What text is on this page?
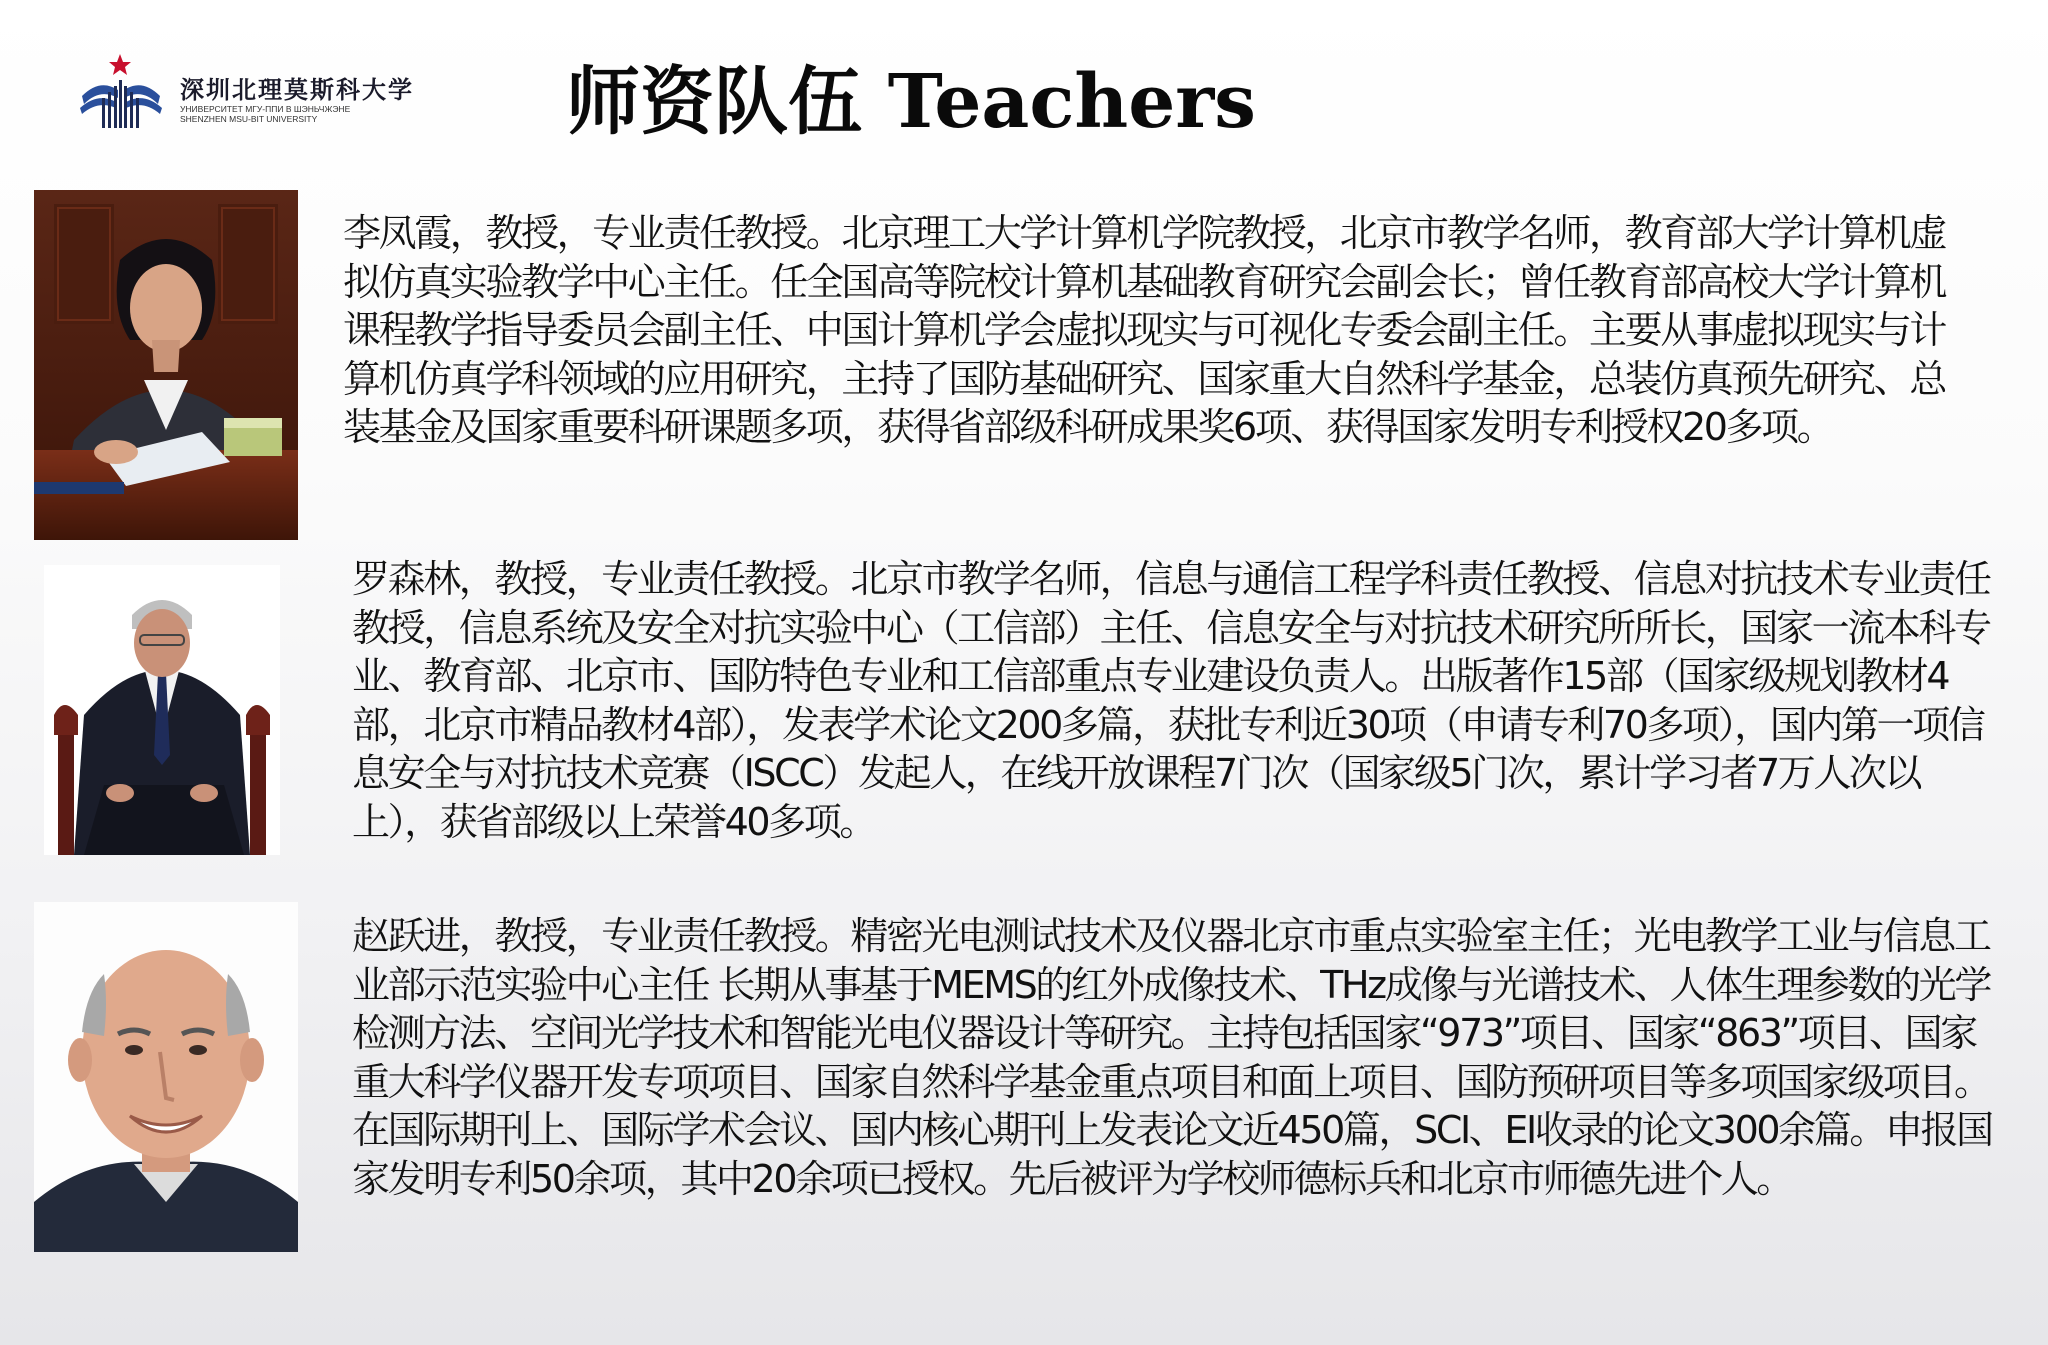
深圳北理莫斯科大学
УНИВЕРСИТЕТ МГУ-ППИ В ШЭНЬЧЖЭНЕ
SHENZHEN MSU-BIT UNIVERSITY	师资队伍 Teachers

李凤霞，教授，专业责任教授。北京理工大学计算机学院教授，北京市教学名师，教育部大学计算机虚拟仿真实验教学中心主任。任全国高等院校计算机基础教育研究会副会长；曾任教育部高校大学计算机课程教学指导委员会副主任、中国计算机学会虚拟现实与可视化专委会副主任。主要从事虚拟现实与计算机仿真学科领域的应用研究，主持了国防基础研究、国家重大自然科学基金，总装仿真预先研究、总装基金及国家重要科研课题多项，获得省部级科研成果奖6项、获得国家发明专利授权20多项。

罗森林，教授，专业责任教授。北京市教学名师，信息与通信工程学科责任教授、信息对抗技术专业责任教授，信息系统及安全对抗实验中心（工信部）主任、信息安全与对抗技术研究所所长，国家一流本科专业、教育部、北京市、国防特色专业和工信部重点专业建设负责人。出版著作15部（国家级规划教材4部，北京市精品教材4部），发表学术论文200多篇，获批专利近30项（申请专利70多项），国内第一项信息安全与对抗技术竞赛（ISCC）发起人，在线开放课程7门次（国家级5门次，累计学习者7万人次以上），获省部级以上荣誉40多项。

赵跃进，教授，专业责任教授。精密光电测试技术及仪器北京市重点实验室主任；光电教学工业与信息工业部示范实验中心主任 长期从事基于MEMS的红外成像技术、THz成像与光谱技术、人体生理参数的光学检测方法、空间光学技术和智能光电仪器设计等研究。主持包括国家“973”项目、国家“863”项目、国家重大科学仪器开发专项项目、国家自然科学基金重点项目和面上项目、国防预研项目等多项国家级项目。在国际期刊上、国际学术会议、国内核心期刊上发表论文近450篇，SCI、EI收录的论文300余篇。申报国家发明专利50余项，其中20余项已授权。先后被评为学校师德标兵和北京市师德先进个人。
